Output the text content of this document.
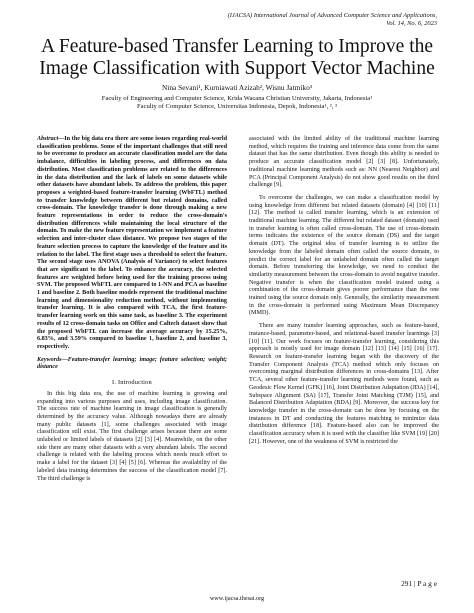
(IJACSA) International Journal of Advanced Computer Science and Applications,
Vol. 14, No. 6, 2023
A Feature-based Transfer Learning to Improve the Image Classification with Support Vector Machine
Nina Sevani¹, Kurniawati Azizah², Wisnu Jatmiko³
Faculty of Engineering and Computer Science, Krida Wacana Christian University, Jakarta, Indonesia¹
Faculty of Computer Science, Universitas Indonesia, Depok, Indonesia¹, ², ³
Abstract—In the big data era there are some issues regarding real-world classification problems. Some of the important challenges that still need to be overcome to produce an accurate classification model are the data imbalance, difficulties in labeling process, and differences on data distribution. Most classification problems are related to the differences in the data distribution and the lack of labels on some datasets while other datasets have abundant labels. To address the problem, this paper proposes a weighted-based feature-transfer learning (WbFTL) method to transfer knowledge between different but related domains, called cross-domain. The knowledge transfer is done through making a new feature representations in order to reduce the cross-domain's distribution differences while maintaining the local structure of the domain. To make the new feature representation we implement a feature selection and inter-cluster class distance. We propose two stages of the feature selection process to capture the knowledge of the feature and its relation to the label. The first stage uses a threshold to select the feature. The second stage uses ANOVA (Analysis of Variance) to select features that are significant to the label. To enhance the accuracy, the selected features are weighted before being used for the training process using SVM. The proposed WbFTL are compared to 1-NN and PCA as baseline 1 and baseline 2. Both baseline models represent the traditional machine learning and dimensionality reduction method, without implementing transfer learning. It is also compared with TCA, the first feature-transfer learning work on this same task, as baseline 3. The experiment results of 12 cross-domain tasks on Office and Caltech dataset show that the proposed WbFTL can increase the average accuracy by 15.25%, 6.83%, and 3.59% compared to baseline 1, baseline 2, and baseline 3, respectively.
Keywords—Feature-transfer learning; image; feature selection; weight; distance
I. Introduction

In this big data era, the use of machine learning is growing and expanding into various purposes and uses, including image classification. The success rate of machine learning in image classification is generally determined by the accuracy value. Although nowadays there are already many public datasets [1], some challenges associated with image classification still exist. The first challenge arises because there are some unlabeled or limited labels of datasets [2] [3] [4]. Meanwhile, on the other side there are many other datasets with a very abundant labels. The second challenge is related with the labeling process which needs much effort to make a label for the dataset [3] [4] [5] [6]. Whereas the availability of the labeled data training determines the success of the classification model [7]. The third challenge is

associated with the limited ability of the traditional machine learning method, which requires the training and inference data come from the same dataset that has the same distribution. Even though this ability is needed to produce an accurate classification model [2] [3] [8]. Unfortunately, traditional machine learning methods such as: NN (Nearest Neighbor) and PCA (Principal Component Analysis) do not show good results on the third challenge [9].

To overcome the challenges, we can make a classification model by using knowledge from different but related datasets (domain) [4] [10] [11] [12]. The method is called transfer learning, which is an extension of traditional machine learning. The different but related dataset (domain) used in transfer learning is often called cross-domain. The use of cross-domain terms indicates the existence of the source domain (DS) and the target domain (DT). The original idea of transfer learning is to utilize the knowledge from the labeled domain often called the source domain, to predict the correct label for an unlabeled domain often called the target domain. Before transferring the knowledge, we need to conduct the similarity measurement between the cross-domain to avoid negative transfer. Negative transfer is when the classification model trained using a combination of the cross-domain gives poorer performance than the one trained using the source domain only. Generally, the similarity measurement in the cross-domain is performed using Maximum Mean Discrepancy (MMD).

There are many transfer learning approaches, such as feature-based, instance-based, parameter-based, and relational-based transfer learnings [3] [10] [11]. Our work focuses on feature-transfer learning, considering this approach is mostly used for image domain [12] [13] [14] [15] [16] [17]. Research on feature-transfer learning began with the discovery of the Transfer Component Analysis (TCA) method which only focuses on overcoming marginal distribution differences in cross-domains [13]. After TCA, several other feature-transfer learning methods were found, such as Geodesic Flow Kernel (GFK) [16], Joint Distribution Adaptation (JDA) [14], Subspace Alignment (SA) [17], Transfer Joint Matching (TJM) [15], and Balanced Distribution Adaptation (BDA) [9]. Moreover, the success key for knowledge transfer in the cross-domain can be done by focusing on the instances in DT and conducting the features matching to minimize data distribution difference [18]. Feature-based also can be improved the classification accuracy when it is used with the classifier like SVM [19] [20] [21]. However, one of the weakness of SVM is restricted the

291 | P a g e
www.ijacsa.thesai.org
